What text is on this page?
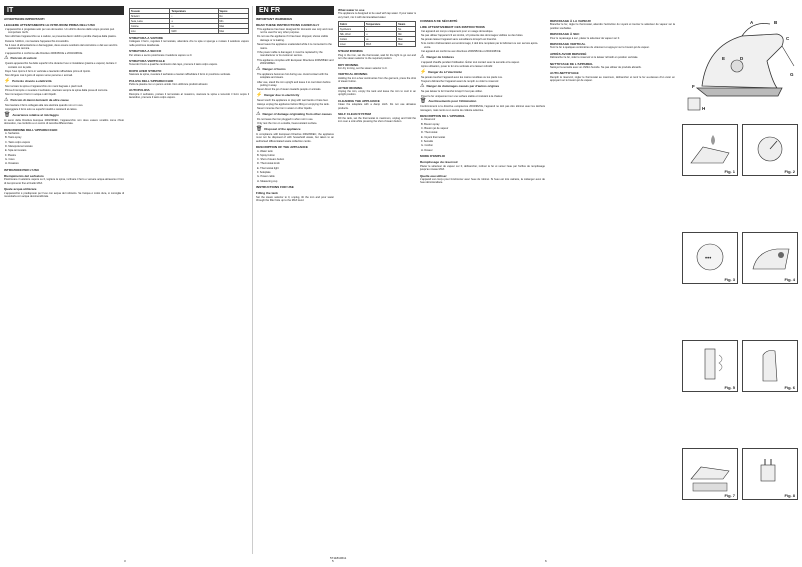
IT
AVVERTENZE IMPORTANTI
LEGGERE ATTENTAMENTE LE ISTRUZIONI PRIMA DELL'USO
L'apparecchio è progettato solo per uso domestico. Un utilizzo diverso dallo scopo previsto può comportare rischi.
Non utilizzare l'apparecchio se è caduto, se presenta danni visibili o perdite d'acqua dalla piastra.
Durante l'utilizzo, non lasciare l'apparecchio incustodito.
Se il cavo di alimentazione è danneggiato, deve essere sostituito dal costruttore o dal suo servizio assistenza tecnica.
L'apparecchio è conforme alle Direttive 2006/95/CE e 2004/108/CE.
⚠ Pericolo di ustioni
Questo apparecchio ha delle superfici che durante l'uso si riscaldano (piastra e vapore). Evitare il contatto con la pelle.
Dopo l'uso riporre il ferro in verticale e lasciarlo raffreddare prima di riporlo.
Non dirigere mai il getto di vapore verso persone o animali.
⚡ Pericolo dovuto a elettricità
Non toccare la spina o l'apparecchio con mani bagnate o piedi nudi.
Prima di riempire o svuotare il serbatoio, staccare sempre la spina dalla presa di corrente.
Non immergere il ferro in acqua o altri liquidi.
⚠ Pericolo di danni derivanti da altre cause
Non lasciare il ferro collegato alla rete elettrica quando non è in uso.
Appoggiare il ferro solo su superfici stabili e resistenti al calore.
🗑 Avvertenze relative al riciclaggio
Ai sensi della Direttiva Europea 2002/96/EC, l'apparecchio non deve essere smaltito come rifiuto domestico, ma conferito a un centro di raccolta differenziata.
DESCRIZIONE DELL'APPARECCHIO
A. Serbatoio
B. Tasto spray
C. Tasto colpo vapore
D. Manopola termostato
E. Spia termostato
F. Piastra
G. Cavo
H. Dosatore
ISTRUZIONI PER L'USO
Riempimento del serbatoio
Posizionare il selettore vapore su 0, togliere la spina, inclinare il ferro e versare acqua attraverso il foro di riempimento fino al livello MAX.
Quale acqua utilizzare
L'apparecchio è predisposto per l'uso con acqua del rubinetto. Se l'acqua è molto dura, si consiglia di mescolarla con acqua demineralizzata.
Tessuto	Temperatura	Vapore
Sintetici	•	No
Seta, Lana	••	Min
Cotone	•••	Max
Lino	MAX	Max
STIRATURA A VAPORE
Collegare il ferro, regolare il termostato, attendere che la spia si spenga e ruotare il selettore vapore nella posizione desiderata.
STIRATURA A SECCO
Per stirare a secco posizionare il selettore vapore su 0.
STIRATURA VERTICALE
Tenendo il ferro a qualche centimetro dal capo, premere il tasto colpo vapore.
DOPO AVER STIRATO
Staccare la spina, svuotare il serbatoio e lasciar raffreddare il ferro in posizione verticale.
PULIZIA DELL'APPARECCHIO
Pulire la piastra con un panno umido. Non utilizzare prodotti abrasivi.
AUTOPULIZIA
Riempire il serbatoio, portare il termostato al massimo, staccare la spina e tenendo il ferro sopra il lavandino, premere il tasto colpo vapore.
3
EN FR
IMPORTANT WARNINGS
READ THESE INSTRUCTIONS CAREFULLY
This appliance has been designed for domestic use only and must not be used for any other purpose.
Do not use the appliance if it has been dropped, shows visible damage or is leaking.
Never leave the appliance unattended while it is connected to the mains.
If the power cable is damaged, it must be replaced by the manufacturer or its customer service.
This appliance complies with European Directives 2006/95/EC and 2004/108/EC.
⚠ Danger of burns
The appliance becomes hot during use. Avoid contact with the soleplate and steam.
After use, stand the iron upright and leave it to cool down before putting it away.
Never direct the jet of steam towards people or animals.
⚡ Danger due to electricity
Never touch the appliance or plug with wet hands or bare feet.
Always unplug the appliance before filling or emptying the tank.
Never immerse the iron in water or other liquids.
⚠ Danger of damage originating from other causes
Do not leave the iron plugged in when not in use.
Only rest the iron on a stable, heat-resistant surface.
🗑 Disposal of the appliance
In compliance with European Directive 2002/96/EC, the appliance must not be disposed of with household waste, but taken to an authorised differentiated waste collection centre.
DESCRIPTION OF THE APPLIANCE
A. Water tank
B. Spray button
C. Shot of steam button
D. Thermostat knob
E. Thermostat light
F. Soleplate
G. Power cable
H. Measuring cup
INSTRUCTIONS FOR USE
Filling the tank
Set the steam selector to 0, unplug, tilt the iron and pour water through the filler hole up to the MAX level.
What water to use
The appliance is designed to be used with tap water. If your water is very hard, mix it with demineralised water.
Fabric	Temperature	Steam
Synthetics	•	No
Silk, Wool	••	Min
Cotton	•••	Max
Linen	MAX	Max
STEAM IRONING
Plug in the iron, set the thermostat, wait for the light to go out and turn the steam selector to the required position.
DRY IRONING
For dry ironing, set the steam selector to 0.
VERTICAL IRONING
Holding the iron a few centimetres from the garment, press the shot of steam button.
AFTER IRONING
Unplug the iron, empty the tank and leave the iron to cool in an upright position.
CLEANING THE APPLIANCE
Clean the soleplate with a damp cloth. Do not use abrasive products.
SELF CLEAN SYSTEM
Fill the tank, set the thermostat to maximum, unplug and hold the iron over a sink while pressing the shot of steam button.
5
CONSEILS DE SÉCURITÉ
LIRE ATTENTIVEMENT CES INSTRUCTIONS
Cet appareil est conçu uniquement pour un usage domestique.
Ne pas utiliser l'appareil s'il est tombé, s'il présente des dommages visibles ou des fuites.
Ne jamais laisser l'appareil sans surveillance lorsqu'il est branché.
Si le cordon d'alimentation est endommagé, il doit être remplacé par le fabricant ou son service après-vente.
Cet appareil est conforme aux directives 2006/95/CE et 2004/108/CE.
⚠ Danger de brûlures
L'appareil chauffe pendant l'utilisation. Éviter tout contact avec la semelle et la vapeur.
Après utilisation, poser le fer à la verticale et le laisser refroidir.
⚡ Danger du à l'électricité
Ne jamais toucher l'appareil avec les mains mouillées ou les pieds nus.
Toujours débrancher l'appareil avant de remplir ou vider le réservoir.
⚠ Danger de dommages causés par d'autres origines
Ne pas laisser le fer branché lorsqu'il n'est pas utilisé.
Poser le fer uniquement sur une surface stable et résistant à la chaleur.
🗑 Avertissements pour l'élimination
Conformément à la directive européenne 2002/96/CE, l'appareil ne doit pas être éliminé avec les déchets ménagers, mais remis à un centre de collecte sélective.
DESCRIPTION DE L'APPAREIL
A. Réservoir
B. Bouton spray
C. Bouton jet de vapeur
D. Thermostat
E. Voyant thermostat
F. Semelle
G. Cordon
H. Doseur
MODE D'EMPLOI
Remplissage du réservoir
Placer le sélecteur de vapeur sur 0, débrancher, incliner le fer et verser l'eau par l'orifice de remplissage jusqu'au niveau MAX.
Quelle eau utiliser
L'appareil est conçu pour fonctionner avec l'eau du robinet. Si l'eau est très calcaire, la mélanger avec de l'eau déminéralisée.
REPASSAGE À LA VAPEUR
Brancher le fer, régler le thermostat, attendre l'extinction du voyant et tourner le sélecteur de vapeur sur la position souhaitée.
REPASSAGE À SEC
Pour le repassage à sec, placer le sélecteur de vapeur sur 0.
REPASSAGE VERTICAL
Tenir le fer à quelques centimètres du vêtement et appuyer sur le bouton jet de vapeur.
APRÈS AVOIR REPASSÉ
Débrancher le fer, vider le réservoir et le laisser refroidir en position verticale.
NETTOYAGE DE L'APPAREIL
Nettoyer la semelle avec un chiffon humide. Ne pas utiliser de produits abrasifs.
AUTO-NETTOYAGE
Remplir le réservoir, régler le thermostat au maximum, débrancher et tenir le fer au-dessus d'un évier en appuyant sur le bouton jet de vapeur.
6
A	B
C
D
E
F
G
H
Fig. 1	Fig. 2
•••
Fig. 3	Fig. 4
Fig. 5	Fig. 6
Fig. 7	Fig. 8
5711810611
